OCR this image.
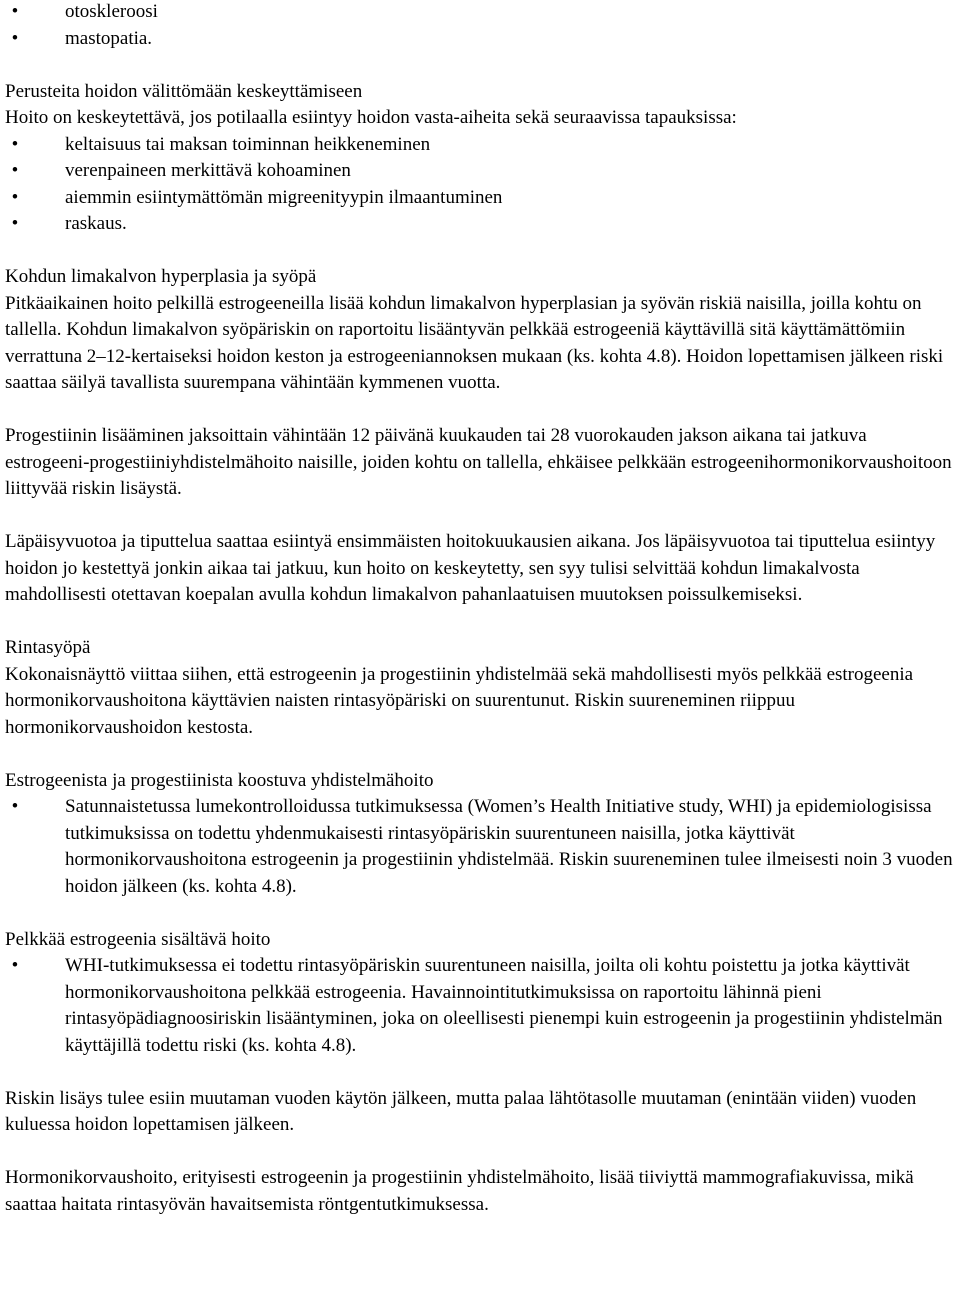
•	otoskleroosi
•	mastopatia.

Perusteita hoidon välittömään keskeyttämiseen

Hoito on keskeytettävä, jos potilaalla esiintyy hoidon vasta-aiheita sekä seuraavissa tapauksissa:

•	keltaisuus tai maksan toiminnan heikkeneminen
•	verenpaineen merkittävä kohoaminen
•	aiemmin esiintymättömän migreenityypin ilmaantuminen
•	raskaus.

Kohdun limakalvon hyperplasia ja syöpä

Pitkäaikainen hoito pelkillä estrogeeneilla lisää kohdun limakalvon hyperplasian ja syövän riskiä naisilla, joilla kohtu on tallella. Kohdun limakalvon syöpäriskin on raportoitu lisääntyvän pelkkää estrogeeniä käyttävillä sitä käyttämättömiin verrattuna 2–12-kertaiseksi hoidon keston ja estrogeeniannoksen mukaan (ks. kohta 4.8). Hoidon lopettamisen jälkeen riski saattaa säilyä tavallista suurempana vähintään kymmenen vuotta.

Progestiinin lisääminen jaksoittain vähintään 12 päivänä kuukauden tai 28 vuorokauden jakson aikana tai jatkuva estrogeeni-progestiiniyhdistelmähoito naisille, joiden kohtu on tallella, ehkäisee pelkkään estrogeenihormonikorvaushoitoon liittyvää riskin lisäystä.

Läpäisyvuotoa ja tiputtelua saattaa esiintyä ensimmäisten hoitokuukausien aikana. Jos läpäisyvuotoa tai tiputtelua esiintyy hoidon jo kestettyä jonkin aikaa tai jatkuu, kun hoito on keskeytetty, sen syy tulisi selvittää kohdun limakalvosta mahdollisesti otettavan koepalan avulla kohdun limakalvon pahanlaatuisen muutoksen poissulkemiseksi.

Rintasyöpä

Kokonaisnäyttö viittaa siihen, että estrogeenin ja progestiinin yhdistelmää sekä mahdollisesti myös pelkkää estrogeenia hormonikorvaushoitona käyttävien naisten rintasyöpäriski on suurentunut. Riskin suureneminen riippuu hormonikorvaushoidon kestosta.

Estrogeenista ja progestiinista koostuva yhdistelmähoito

•	Satunnaistetussa lumekontrolloidussa tutkimuksessa (Women’s Health Initiative study, WHI) ja epidemiologisissa tutkimuksissa on todettu yhdenmukaisesti rintasyöpäriskin suurentuneen naisilla, jotka käyttivät hormonikorvaushoitona estrogeenin ja progestiinin yhdistelmää. Riskin suureneminen tulee ilmeisesti noin 3 vuoden hoidon jälkeen (ks. kohta 4.8).

Pelkkää estrogeenia sisältävä hoito

•	WHI-tutkimuksessa ei todettu rintasyöpäriskin suurentuneen naisilla, joilta oli kohtu poistettu ja jotka käyttivät hormonikorvaushoitona pelkkää estrogeenia. Havainnointitutkimuksissa on raportoitu lähinnä pieni rintasyöpädiagnoosiriskin lisääntyminen, joka on oleellisesti pienempi kuin estrogeenin ja progestiinin yhdistelmän käyttäjillä todettu riski (ks. kohta 4.8).

Riskin lisäys tulee esiin muutaman vuoden käytön jälkeen, mutta palaa lähtötasolle muutaman (enintään viiden) vuoden kuluessa hoidon lopettamisen jälkeen.

Hormonikorvaushoito, erityisesti estrogeenin ja progestiinin yhdistelmähoito, lisää tiiviyttä mammografiakuvissa, mikä saattaa haitata rintasyövän havaitsemista röntgentutkimuksessa.
